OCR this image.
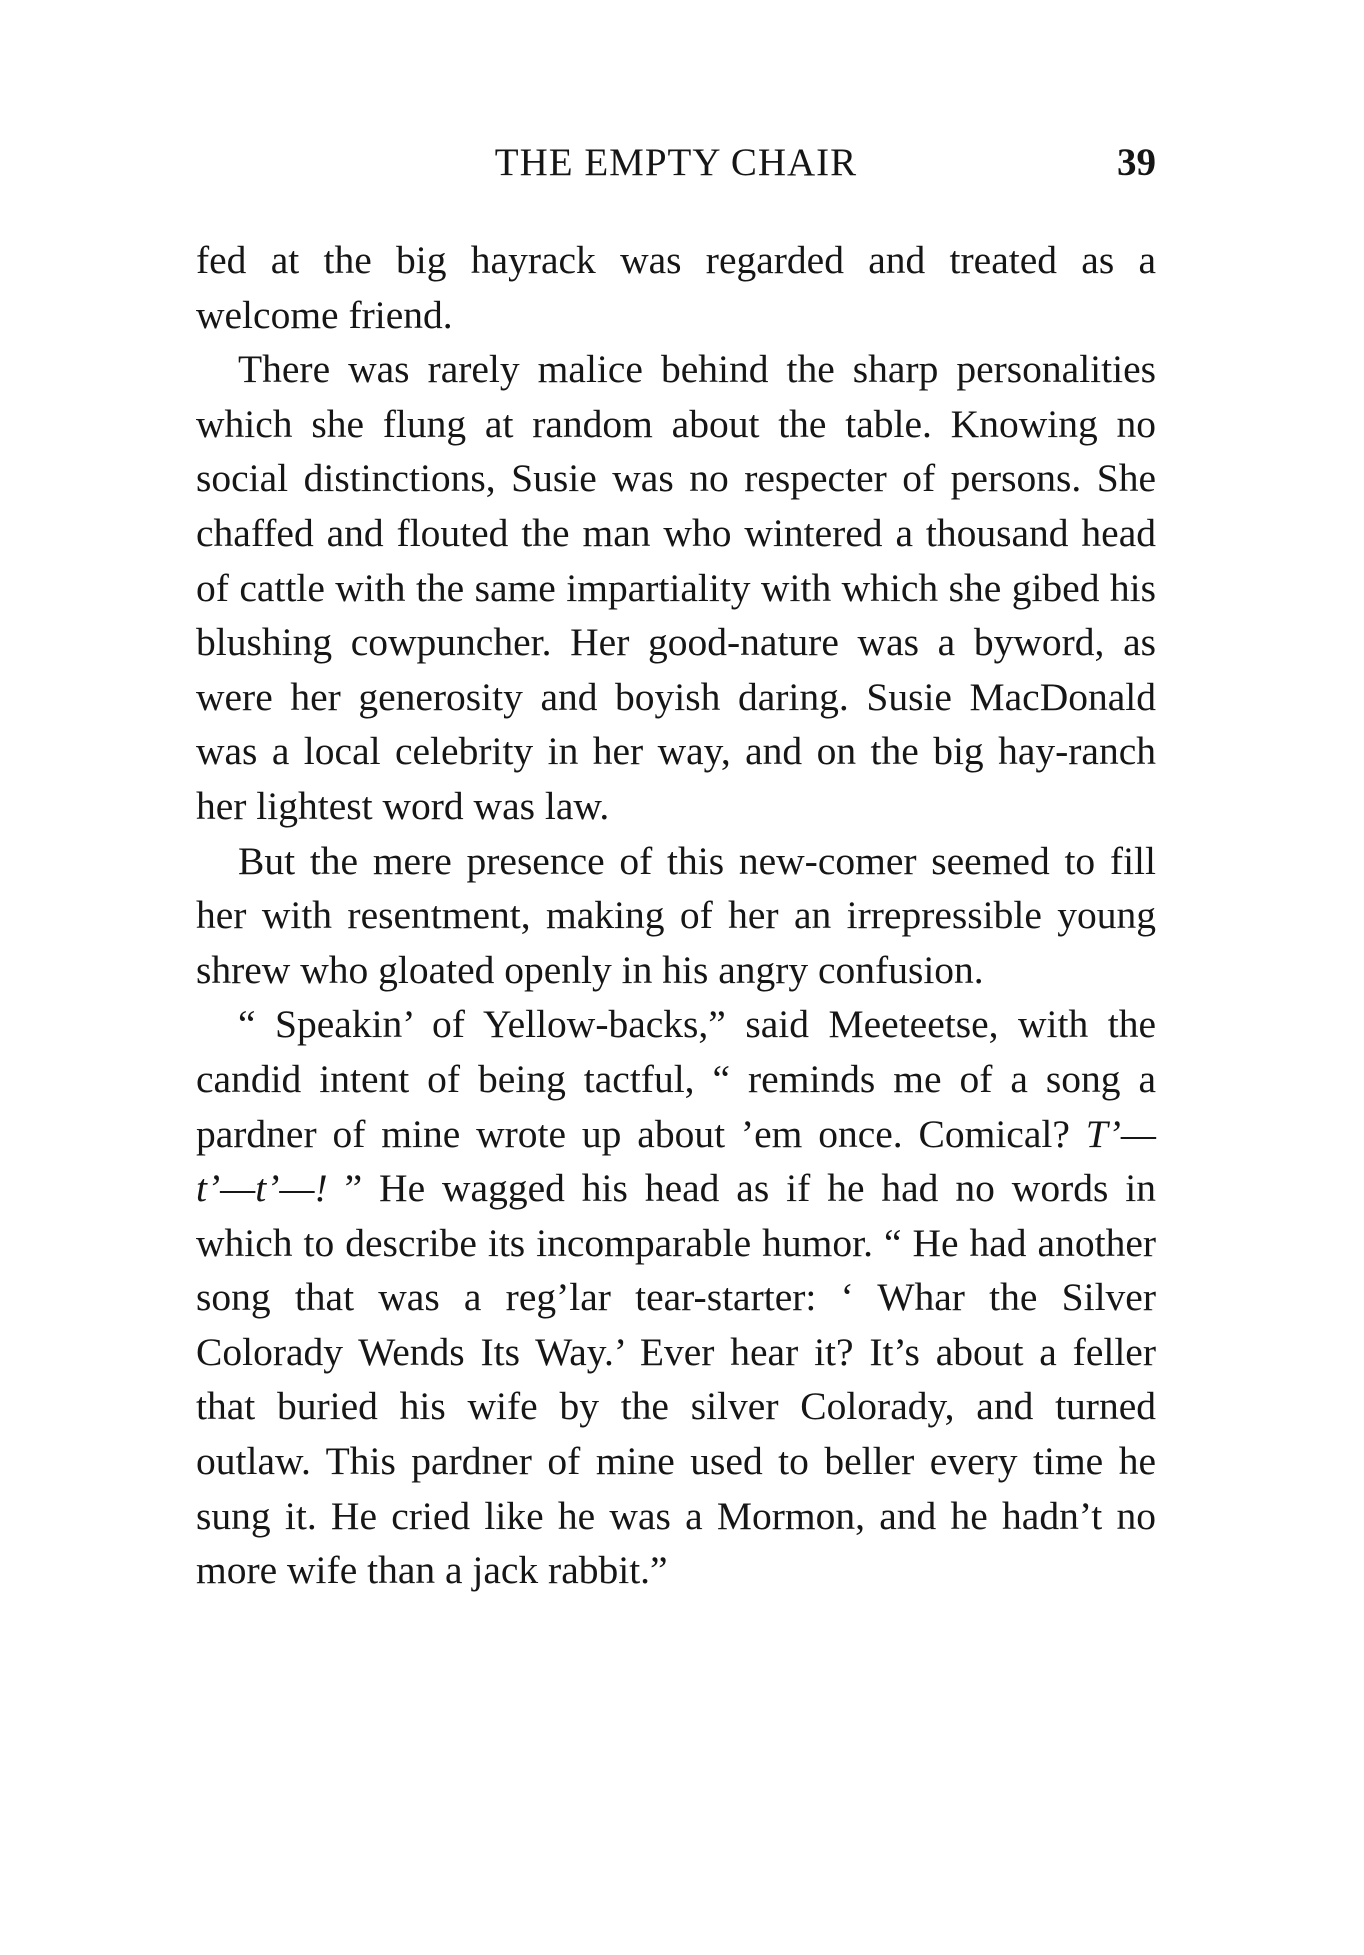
THE EMPTY CHAIR	39

fed at the big hayrack was regarded and treated as a welcome friend.

There was rarely malice behind the sharp personalities which she flung at random about the table. Knowing no social distinctions, Susie was no respecter of persons. She chaffed and flouted the man who wintered a thousand head of cattle with the same impartiality with which she gibed his blushing cowpuncher. Her good-nature was a byword, as were her generosity and boyish daring. Susie MacDonald was a local celebrity in her way, and on the big hay-ranch her lightest word was law.

But the mere presence of this new-comer seemed to fill her with resentment, making of her an irrepressible young shrew who gloated openly in his angry confusion.

“ Speakin’ of Yellow-backs,” said Meeteetse, with the candid intent of being tactful, “ reminds me of a song a pardner of mine wrote up about ’em once. Comical? T’—t’—t’—! ” He wagged his head as if he had no words in which to describe its incomparable humor. “ He had another song that was a reg’lar tear-starter: ‘ Whar the Silver Colorady Wends Its Way.’ Ever hear it? It’s about a feller that buried his wife by the silver Colorady, and turned outlaw. This pardner of mine used to beller every time he sung it. He cried like he was a Mormon, and he hadn’t no more wife than a jack rabbit.”
